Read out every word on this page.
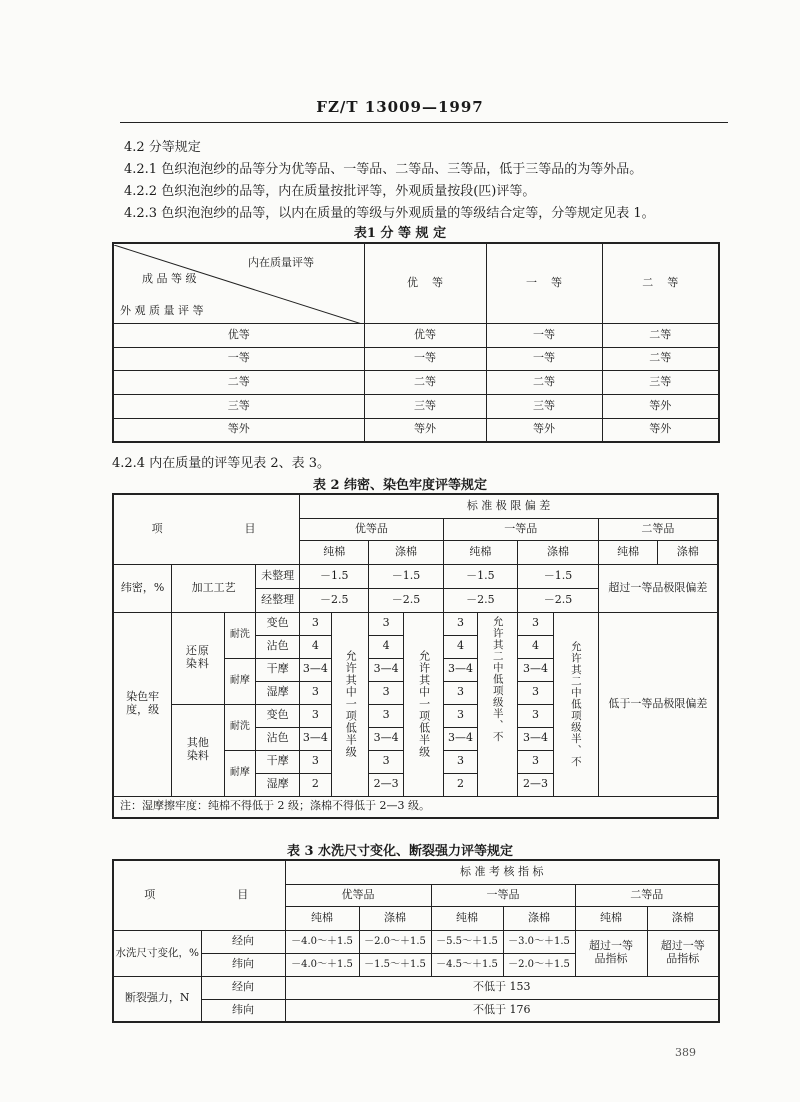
FZ/T 13009—1997
4.2 分等规定
4.2.1 色织泡泡纱的品等分为优等品、一等品、二等品、三等品，低于三等品的为等外品。
4.2.2 色织泡泡纱的品等，内在质量按批评等，外观质量按段(匹)评等。
4.2.3 色织泡泡纱的品等，以内在质量的等级与外观质量的等级结合定等，分等规定见表 1。
表1 分 等 规 定
内在质量评等
成 品 等 级
外 观 质 量 评 等	优    等	一    等	二    等
优等	优等	一等	二等
一等	一等	一等	二等
二等	二等	二等	三等
三等	三等	三等	等外
等外	等外	等外	等外
4.2.4 内在质量的评等见表 2、表 3。
表 2 纬密、染色牢度评等规定
项        目				标 准 极 限 偏 差								
				优等品				一等品				二等品
				纯棉		涤棉		纯棉		涤棉		纯棉 涤棉

纬密，%	加工工艺		未整理	－1.5		－1.5		－1.5		－1.5		超过一等品极限偏差
			经整理	－2.5		－2.5		－2.5		－2.5		
染色牢度，级	还原染料	耐洗	变色	3	允许其中一项低半级	3	允许其中一项低半级	3	允许其二中低项级半、不	3	允许其二中低项级半、不	低于一等品极限偏差
			沾色	4		4		4		4		
		耐摩	干摩	3—4		3—4		3—4		3—4		
			湿摩	3		3		3		3		

	其他染料	耐洗	变色	3		3		3		3		
			沾色	3—4		3—4		3—4		3—4		
		耐摩	干摩	3		3		3		3		
			湿摩	2		2—3		2		2—3		
注：湿摩擦牢度：纯棉不得低于 2 级；涤棉不得低于 2—3 级。												
表 3 水洗尺寸变化、断裂强力评等规定
项        目		标 准 考 核 指 标					
		优等品		一等品		二等品	
		纯棉	涤棉	纯棉	涤棉	纯棉	涤棉
水洗尺寸变化，%	经向	－4.0～＋1.5	－2.0～＋1.5	－5.5～＋1.5	－3.0～＋1.5	超过一等品指标	超过一等品指标

	纬向	－4.0～＋1.5	－1.5～＋1.5	－4.5～＋1.5	－2.0～＋1.5		
断裂强力，N	经向	不低于 153					
	纬向	不低于 176					
389
